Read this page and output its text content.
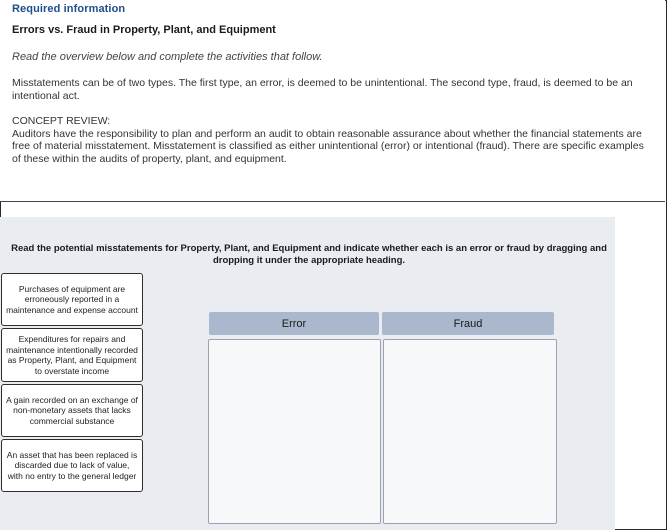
Required information
Errors vs. Fraud in Property, Plant, and Equipment
Read the overview below and complete the activities that follow.
Misstatements can be of two types. The first type, an error, is deemed to be unintentional. The second type, fraud, is deemed to be an intentional act.
CONCEPT REVIEW:
Auditors have the responsibility to plan and perform an audit to obtain reasonable assurance about whether the financial statements are free of material misstatement. Misstatement is classified as either unintentional (error) or intentional (fraud). There are specific examples of these within the audits of property, plant, and equipment.
Read the potential misstatements for Property, Plant, and Equipment and indicate whether each is an error or fraud by dragging and dropping it under the appropriate heading.
Purchases of equipment are erroneously reported in a maintenance and expense account
Expenditures for repairs and maintenance intentionally recorded as Property, Plant, and Equipment to overstate income
A gain recorded on an exchange of non-monetary assets that lacks commercial substance
An asset that has been replaced is discarded due to lack of value, with no entry to the general ledger
Error	Fraud
